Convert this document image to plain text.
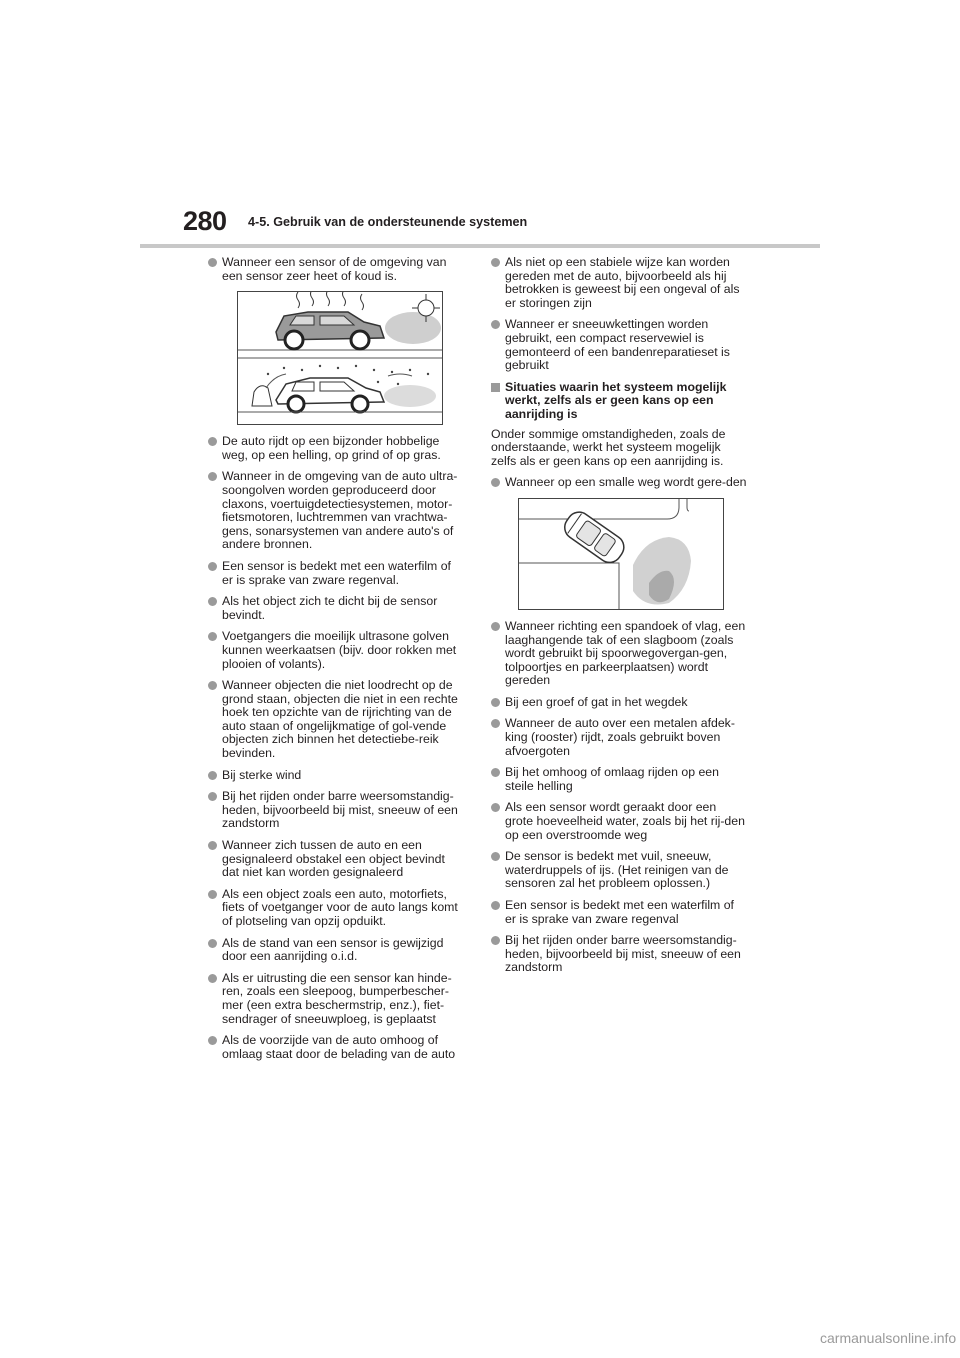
280 4-5. Gebruik van de ondersteunende systemen
Wanneer een sensor of de omgeving van een sensor zeer heet of koud is.
De auto rijdt op een bijzonder hobbelige weg, op een helling, op grind of op gras.
Wanneer in de omgeving van de auto ultra-soongolven worden geproduceerd door claxons, voertuigdetectiesystemen, motor-fietsmotoren, luchtremmen van vrachtwa-gens, sonarsystemen van andere auto's of andere bronnen.
Een sensor is bedekt met een waterfilm of er is sprake van zware regenval.
Als het object zich te dicht bij de sensor bevindt.
Voetgangers die moeilijk ultrasone golven kunnen weerkaatsen (bijv. door rokken met plooien of volants).
Wanneer objecten die niet loodrecht op de grond staan, objecten die niet in een rechte hoek ten opzichte van de rijrichting van de auto staan of ongelijkmatige of gol-vende objecten zich binnen het detectiebe-reik bevinden.
Bij sterke wind
Bij het rijden onder barre weersomstandig-heden, bijvoorbeeld bij mist, sneeuw of een zandstorm
Wanneer zich tussen de auto en een gesignaleerd obstakel een object bevindt dat niet kan worden gesignaleerd
Als een object zoals een auto, motorfiets, fiets of voetganger voor de auto langs komt of plotseling van opzij opduikt.
Als de stand van een sensor is gewijzigd door een aanrijding o.i.d.
Als er uitrusting die een sensor kan hinde-ren, zoals een sleepoog, bumperbescher-mer (een extra beschermstrip, enz.), fiet-sendrager of sneeuwploeg, is geplaatst
Als de voorzijde van de auto omhoog of omlaag staat door de belading van de auto
Als niet op een stabiele wijze kan worden gereden met de auto, bijvoorbeeld als hij betrokken is geweest bij een ongeval of als er storingen zijn
Wanneer er sneeuwkettingen worden gebruikt, een compact reservewiel is gemonteerd of een bandenreparatieset is gebruikt
Situaties waarin het systeem mogelijk werkt, zelfs als er geen kans op een aanrijding is

Onder sommige omstandigheden, zoals de onderstaande, werkt het systeem mogelijk zelfs als er geen kans op een aanrijding is.

Wanneer op een smalle weg wordt gere-den
Wanneer richting een spandoek of vlag, een laaghangende tak of een slagboom (zoals wordt gebruikt bij spoorwegovergan-gen, tolpoortjes en parkeerplaatsen) wordt gereden
Bij een groef of gat in het wegdek
Wanneer de auto over een metalen afdek-king (rooster) rijdt, zoals gebruikt boven afvoergoten
Bij het omhoog of omlaag rijden op een steile helling
Als een sensor wordt geraakt door een grote hoeveelheid water, zoals bij het rij-den op een overstroomde weg
De sensor is bedekt met vuil, sneeuw, waterdruppels of ijs. (Het reinigen van de sensoren zal het probleem oplossen.)
Een sensor is bedekt met een waterfilm of er is sprake van zware regenval
Bij het rijden onder barre weersomstandig-heden, bijvoorbeeld bij mist, sneeuw of een zandstorm
carmanualsonline.info
